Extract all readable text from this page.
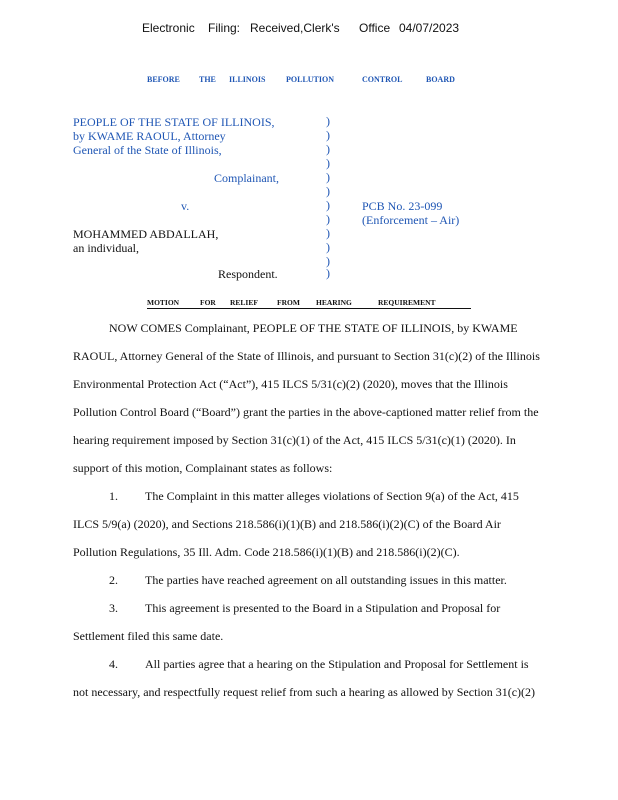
Electronic Filing: Received,Clerk's Office 04/07/2023
BEFORE THE ILLINOIS	POLLUTION	CONTROL	BOARD
PEOPLE OF THE STATE OF ILLINOIS,
by KWAME RAOUL, Attorney
General of the State of Illinois,
Complainant,
v.
MOHAMMED ABDALLAH,
an individual,
Respondent.
)
)
)
)
)
)
)
)
)
)
)
)
PCB No. 23-099
(Enforcement – Air)
MOTION	FOR RELIEF	FROM HEARING	REQUIREMENT
NOW COMES Complainant, PEOPLE OF THE STATE OF ILLINOIS, by KWAME
RAOUL, Attorney General of the State of Illinois, and pursuant to Section 31(c)(2) of the Illinois
Environmental Protection Act (“Act”), 415 ILCS 5/31(c)(2) (2020), moves that the Illinois
Pollution Control Board (“Board”) grant the parties in the above-captioned matter relief from the
hearing requirement imposed by Section 31(c)(1) of the Act, 415 ILCS 5/31(c)(1) (2020). In
support of this motion, Complainant states as follows:
1. The Complaint in this matter alleges violations of Section 9(a) of the Act, 415
ILCS 5/9(a) (2020), and Sections 218.586(i)(1)(B) and 218.586(i)(2)(C) of the Board Air
Pollution Regulations, 35 Ill. Adm. Code 218.586(i)(1)(B) and 218.586(i)(2)(C).
2. The parties have reached agreement on all outstanding issues in this matter.
3. This agreement is presented to the Board in a Stipulation and Proposal for
Settlement filed this same date.
4. All parties agree that a hearing on the Stipulation and Proposal for Settlement is
not necessary, and respectfully request relief from such a hearing as allowed by Section 31(c)(2)
